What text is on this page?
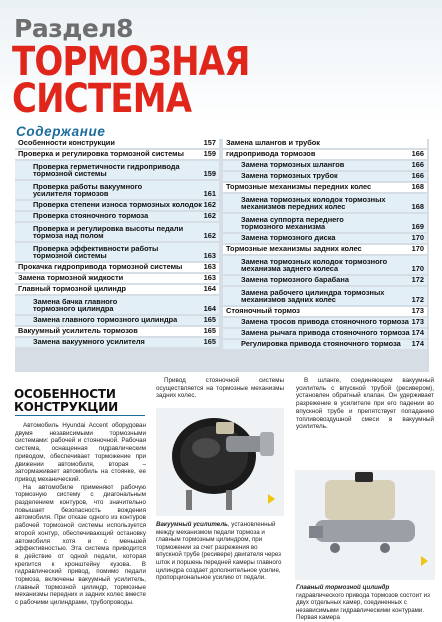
Раздел8
ТОРМОЗНАЯ
СИСТЕМА
Содержание
Особенности конструкции	157
Проверка и регулировка тормозной системы	159
Проверка герметичности гидропривода
тормозной системы	159
Проверка работы вакуумного
усилителя тормозов	161
Проверка степени износа тормозных колодок 162
Проверка стояночного тормоза	162
Проверка и регулировка высоты педали
тормоза над полом	162
Проверка эффективности работы
тормозной системы	163
Прокачка гидропривода тормозной системы	163
Замена тормозной жидкости	163
Главный тормозной цилиндр	164
Замена бачка главного
тормозного цилиндра	164
Замена главного тормозного цилиндра	165
Вакуумный усилитель тормозов	165
Замена вакуумного усилителя	165
Замена шлангов и трубок
гидропривода тормозов	166
Замена тормозных шлангов	166
Замена тормозных трубок	166
Тормозные механизмы передних колес	168
Замена тормозных колодок тормозных
механизмов передних колес	168
Замена суппорта переднего
тормозного механизма	169
Замена тормозного диска	170
Тормозные механизмы задних колес	170
Замена тормозных колодок тормозного
механизма заднего колеса	170
Замена тормозного барабана	172
Замена рабочего цилиндра тормозных
механизмов задних колес	172
Стояночный тормоз	173
Замена тросов привода стояночного тормоза 173
Замена рычага привода стояночного тормоза 174
Регулировка привода стояночного тормоза 174
ОСОБЕННОСТИ
КОНСТРУКЦИИ

Автомобиль Hyundai Accent оборудован двумя независимыми тормозными системами: рабочей и стояночной. Рабочая система, оснащенная гидравлическим приводом, обеспечивает торможение при движении автомобиля, вторая – затормаживает автомобиль на стоянке, ее привод механический.

На автомобиле применяют рабочую тормозную систему с диагональным разделением контуров, что значительно повышает безопасность вождения автомобиля. При отказе одного из контуров рабочей тормозной системы используется второй контур, обеспечивающий остановку автомобиля хотя и с меньшей эффективностью. Эта система приводится в действие от одной педали, которая крепится к кронштейну кузова. В гидравлический привод, помимо педали тормоза, включены вакуумный усилитель, главный тормозной цилиндр, тормозные механизмы передних и задних колес вместе с рабочими цилиндрами, трубопроводы.

Привод стояночной системы осуществляется на тормозные механизмы задних колес.

В шланге, соединяющем вакуумный усилитель с впускной трубой (ресивером), установлен обратный клапан. Он удерживает разрежение в усилителе при его падении во впускной трубе и препятствует попаданию топливовоздушной смеси в вакуумный усилитель.

Вакуумный усилитель, установленный между механизмом педали тормоза и главным тормозным цилиндром, при торможении за счет разрежения во впускной трубе (ресивере) двигателя через шток и поршень передней камеры главного цилиндра создает дополнительное усилие, пропорциональное усилию от педали.
Главный тормозной цилиндр гидравлического привода тормозов состоит из двух отдельных камер, соединенных с независимыми гидравлическими контурами. Первая камера
